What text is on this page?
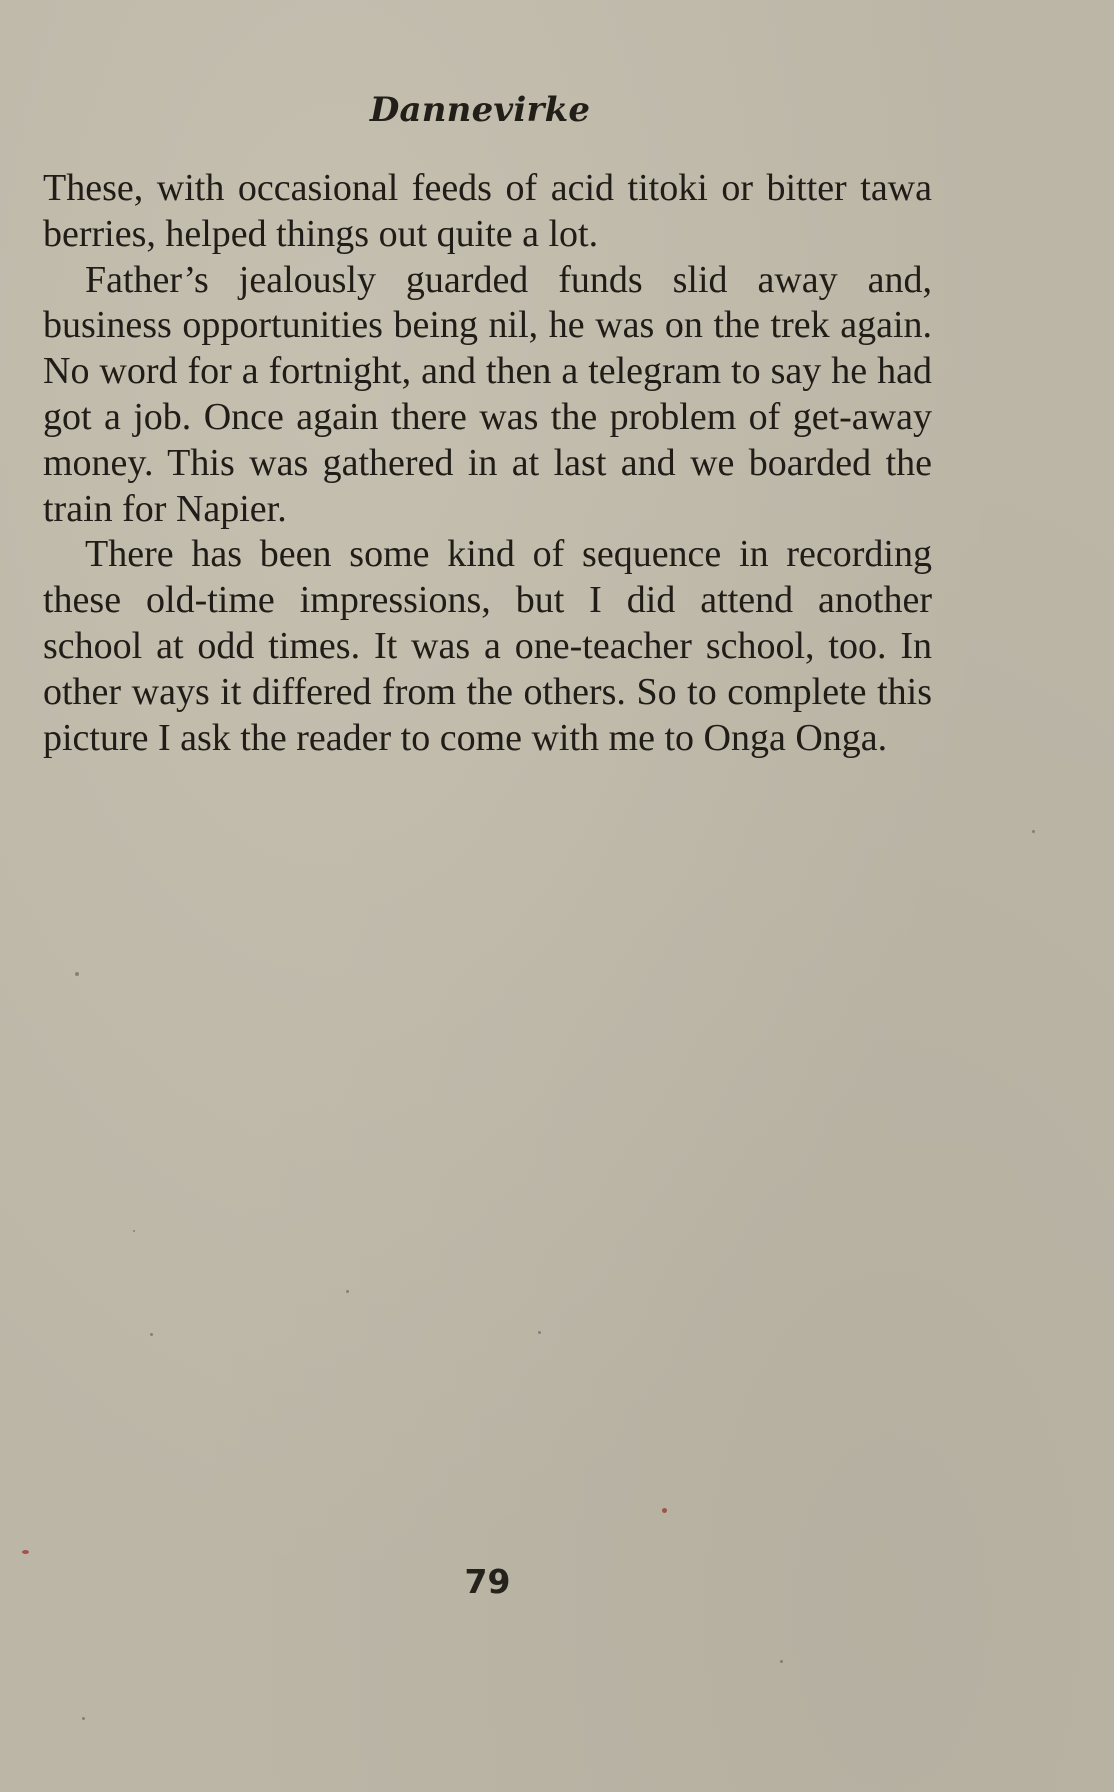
Dannevirke

These, with occasional feeds of acid titoki or bitter tawa berries, helped things out quite a lot.

Father’s jealously guarded funds slid away and, business opportunities being nil, he was on the trek again. No word for a fortnight, and then a telegram to say he had got a job. Once again there was the problem of get-away money. This was gathered in at last and we boarded the train for Napier.

There has been some kind of sequence in recording these old-time impressions, but I did attend another school at odd times. It was a one-teacher school, too. In other ways it differed from the others. So to complete this picture I ask the reader to come with me to Onga Onga.

79
